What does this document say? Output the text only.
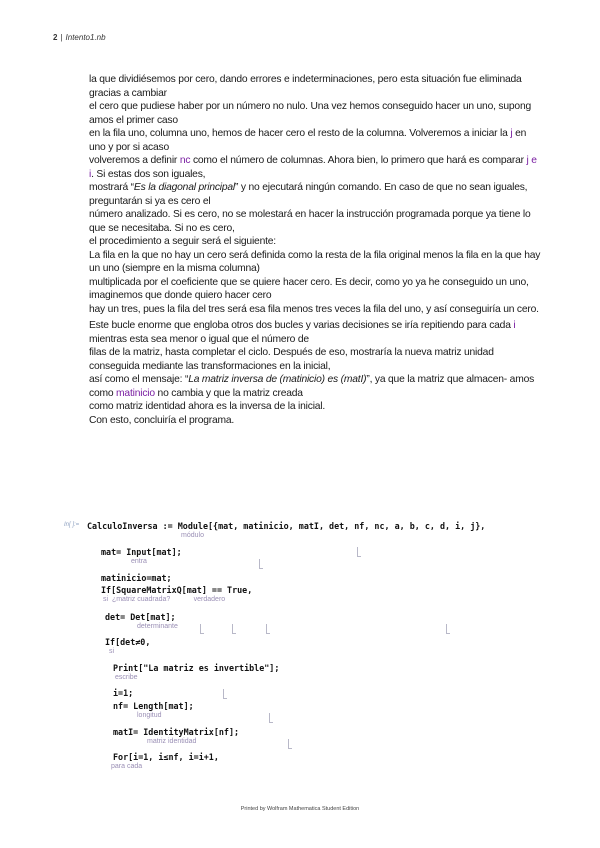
2 | Intento1.nb

la que dividiésemos por cero, dando errores e indeterminaciones, pero esta situación fue eliminada gracias a cambiar

el cero que pudiese haber por un número no nulo. Una vez hemos conseguido hacer un uno, supong amos el primer caso

en la fila uno, columna uno, hemos de hacer cero el resto de la columna. Volveremos a iniciar la j en uno y por si acaso

volveremos a definir nc como el número de columnas. Ahora bien, lo primero que hará es comparar j e i. Si estas dos son iguales,

mostrará “Es la diagonal principal” y no ejecutará ningún comando. En caso de que no sean iguales, preguntarán si ya es cero el

número analizado. Si es cero, no se molestará en hacer la instrucción programada porque ya tiene lo que se necesitaba. Si no es cero,

el procedimiento a seguir será el siguiente:

La fila en la que no hay un cero será definida como la resta de la fila original menos la fila en la que hay un uno (siempre en la misma columna)

multiplicada por el coeficiente que se quiere hacer cero. Es decir, como yo ya he conseguido un uno, imaginemos que donde quiero hacer cero

hay un tres, pues la fila del tres será esa fila menos tres veces la fila del uno, y así conseguiría un cero.

Este bucle enorme que engloba otros dos bucles y varias decisiones se iría repitiendo para cada i mientras esta sea menor o igual que el número de

filas de la matriz, hasta completar el ciclo. Después de eso, mostraría la nueva matriz unidad conseguida mediante las transformaciones en la inicial,

así como el mensaje: “La matriz inversa de (matinicio) es (matI)”, ya que la matriz que almacen- amos como matinicio no cambia y que la matriz creada

como matriz identidad ahora es la inversa de la inicial.

Con esto, concluiría el programa.

In[ ]:= CalculoInversa := Module[{mat, matinicio, matI, det, nf, nc, a, b, c, d, i, j},
módulo
mat= Input[mat];
entra
matinicio=mat;
If[SquareMatrixQ[mat] == True,
si  ¿matriz cuadrada?            verdadero
det= Det[mat];
determinante
If[det≠0,
si
Print["La matriz es invertible"];
escribe
i=1;
nf= Length[mat];
longitud
matI= IdentityMatrix[nf];
matriz identidad
For[i=1, i≤nf, i=i+1,
para cada
Printed by Wolfram Mathematica Student Edition
